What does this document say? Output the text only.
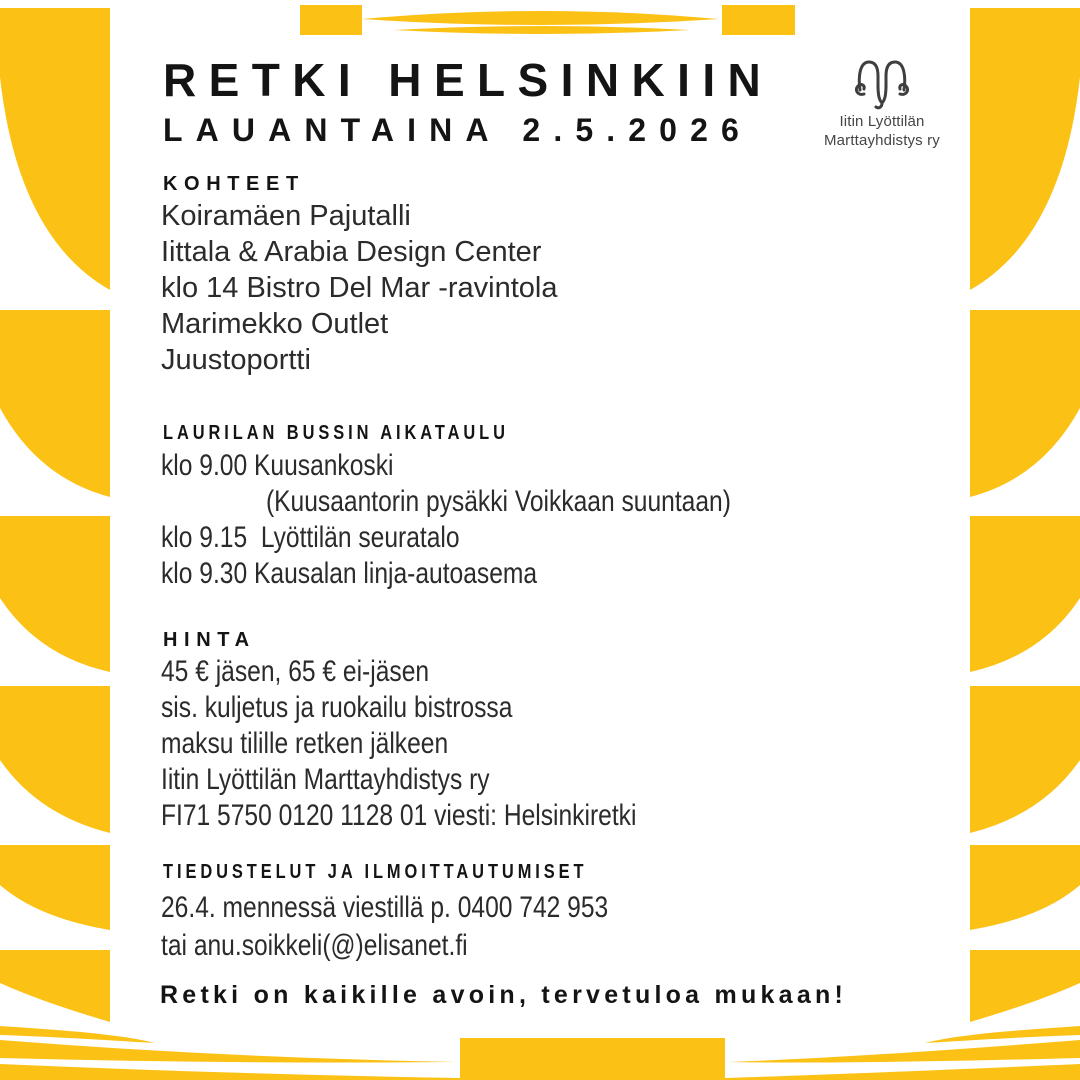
RETKI HELSINKIIN
LAUANTAINA 2.5.2026	Iitin Lyöttilän
Marttayhdistys ry
KOHTEET
Koiramäen Pajutalli
Iittala & Arabia Design Center
klo 14 Bistro Del Mar -ravintola
Marimekko Outlet
Juustoportti
LAURILAN BUSSIN AIKATAULU
klo 9.00 Kuusankoski
(Kuusaantorin pysäkki Voikkaan suuntaan)
klo 9.15  Lyöttilän seuratalo
klo 9.30 Kausalan linja-autoasema
HINTA
45 € jäsen, 65 € ei-jäsen
sis. kuljetus ja ruokailu bistrossa
maksu tilille retken jälkeen
Iitin Lyöttilän Marttayhdistys ry
FI71 5750 0120 1128 01 viesti: Helsinkiretki
TIEDUSTELUT JA ILMOITTAUTUMISET
26.4. mennessä viestillä p. 0400 742 953
tai anu.soikkeli(@)elisanet.fi
Retki on kaikille avoin, tervetuloa mukaan!
